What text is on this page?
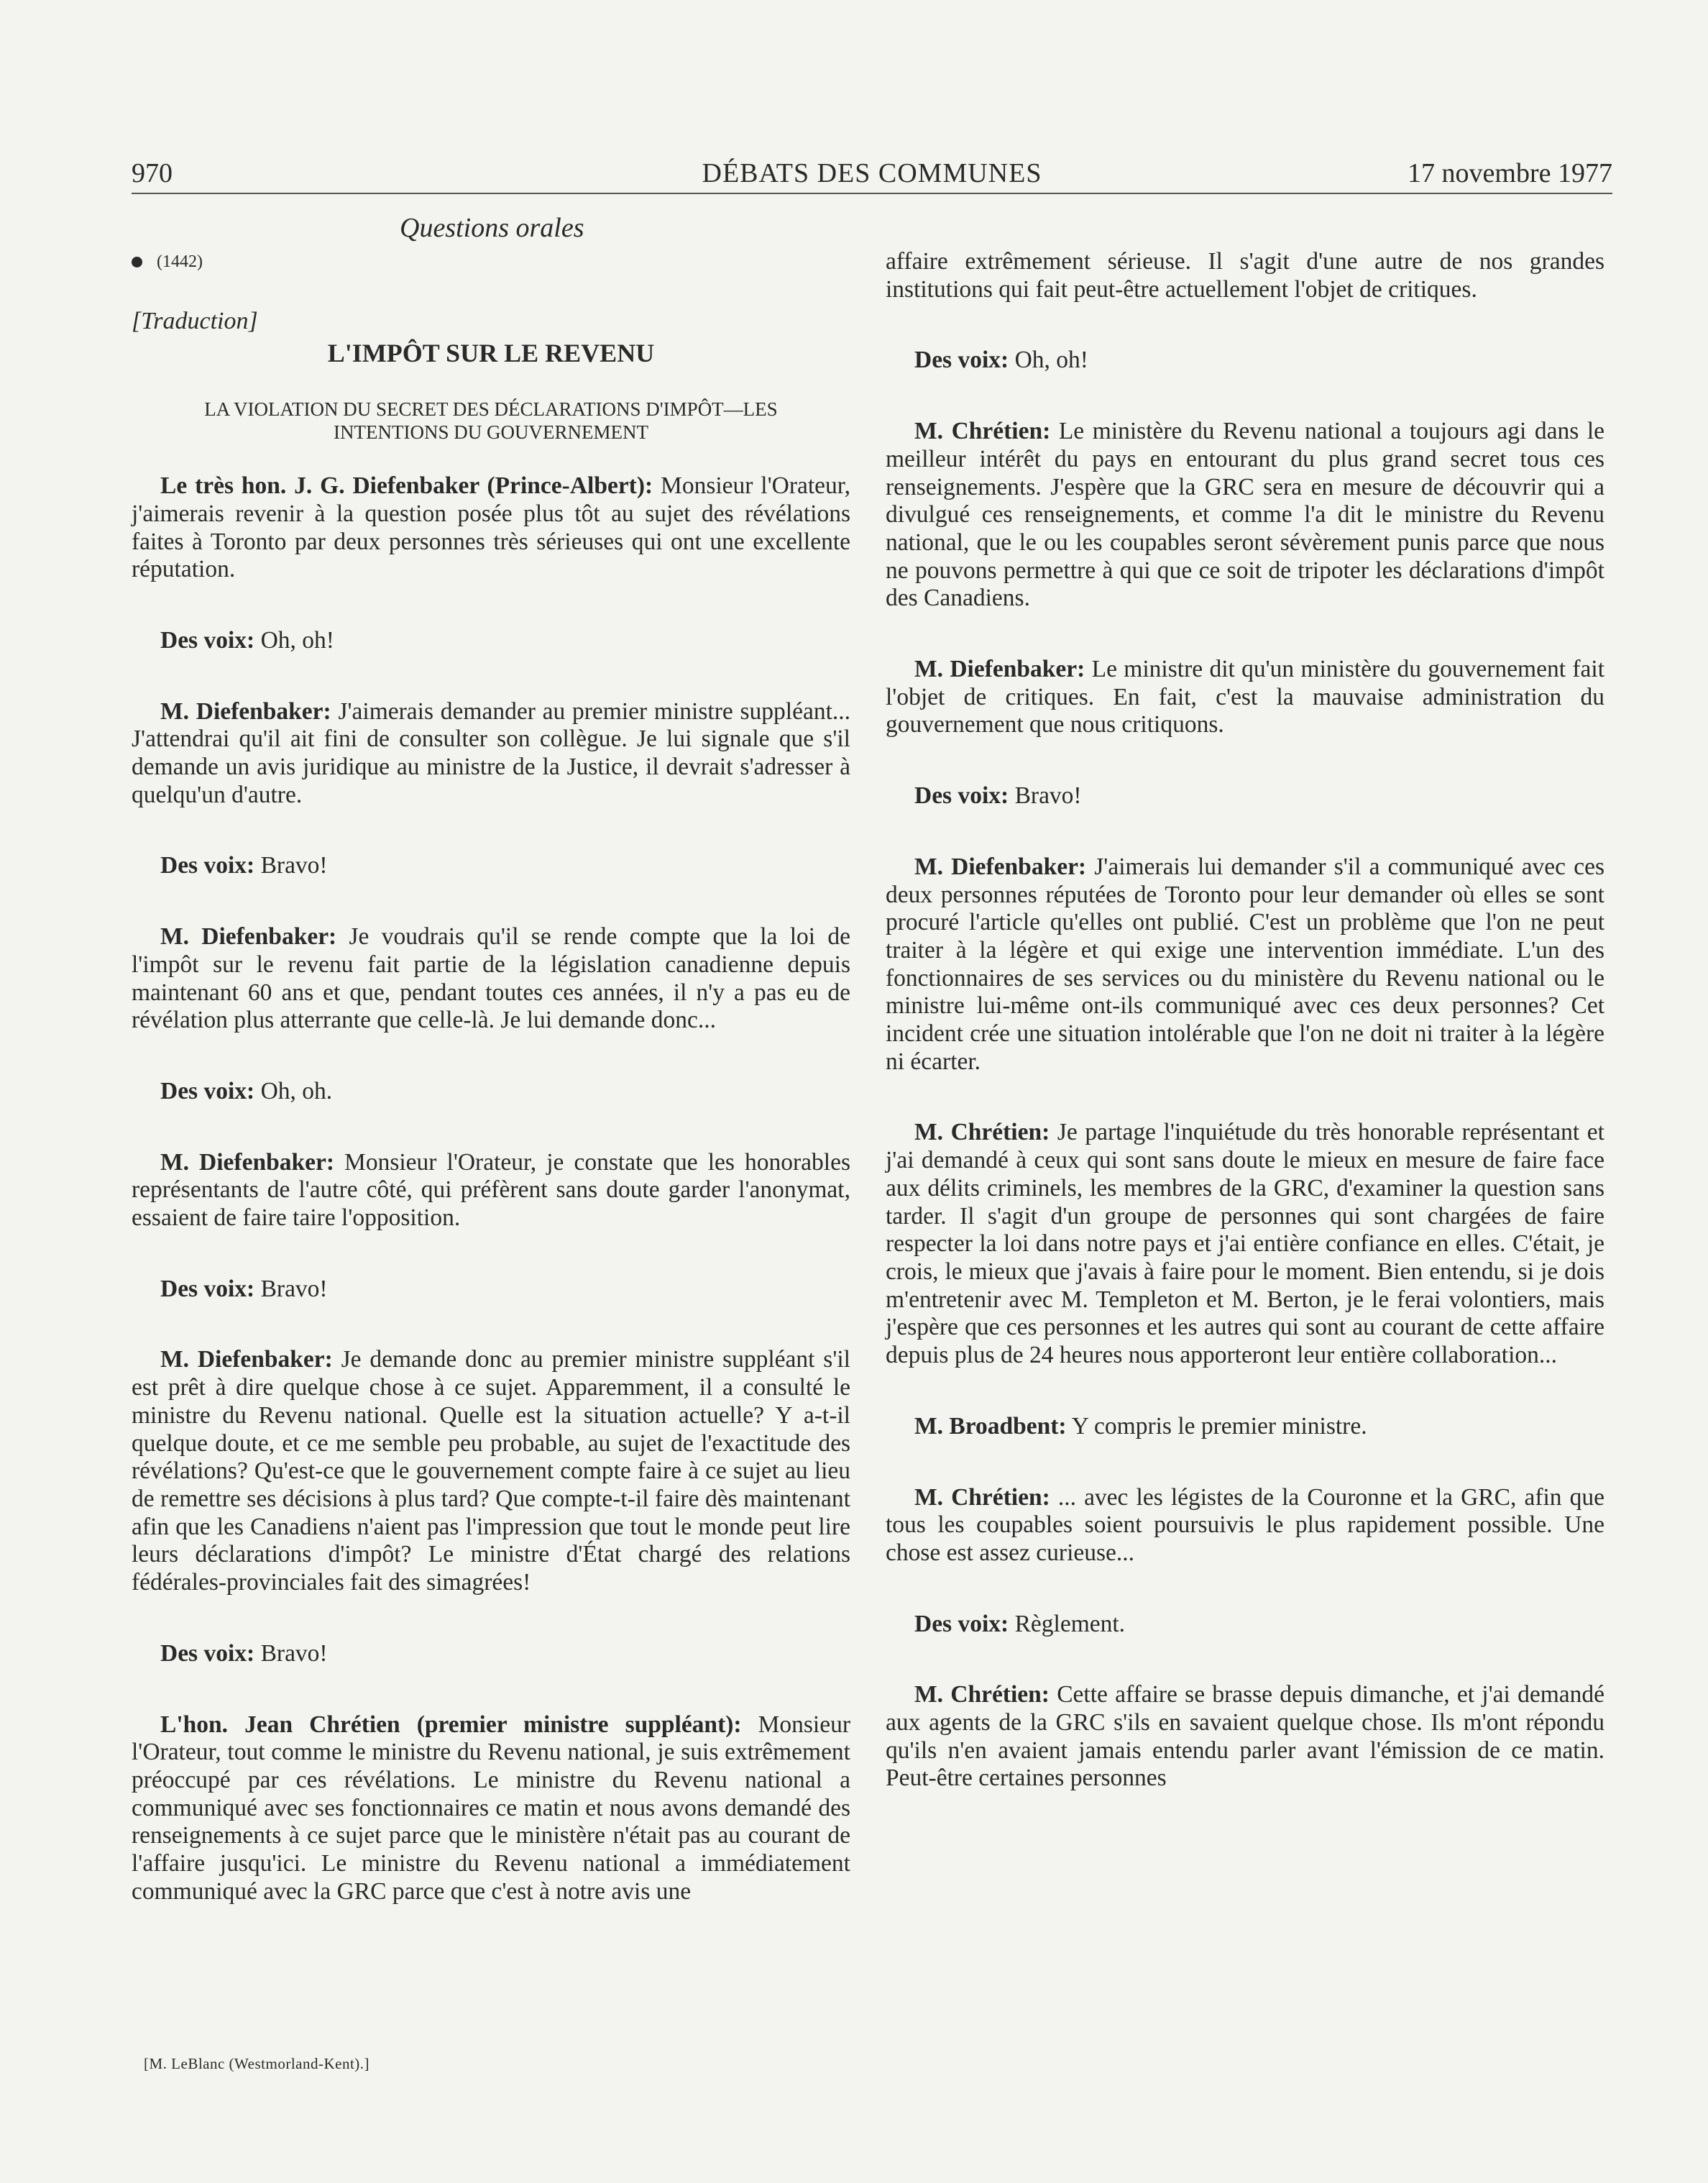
970	DÉBATS DES COMMUNES	17 novembre 1977
Questions orales
(1442)
[Traduction]
L'IMPÔT SUR LE REVENU
LA VIOLATION DU SECRET DES DÉCLARATIONS D'IMPÔT—LES
INTENTIONS DU GOUVERNEMENT

Le très hon. J. G. Diefenbaker (Prince-Albert): Monsieur l'Orateur, j'aimerais revenir à la question posée plus tôt au sujet des révélations faites à Toronto par deux personnes très sérieuses qui ont une excellente réputation.

Des voix: Oh, oh!

M. Diefenbaker: J'aimerais demander au premier ministre suppléant... J'attendrai qu'il ait fini de consulter son collègue. Je lui signale que s'il demande un avis juridique au ministre de la Justice, il devrait s'adresser à quelqu'un d'autre.

Des voix: Bravo!

M. Diefenbaker: Je voudrais qu'il se rende compte que la loi de l'impôt sur le revenu fait partie de la législation canadienne depuis maintenant 60 ans et que, pendant toutes ces années, il n'y a pas eu de révélation plus atterrante que celle-là. Je lui demande donc...

Des voix: Oh, oh.

M. Diefenbaker: Monsieur l'Orateur, je constate que les honorables représentants de l'autre côté, qui préfèrent sans doute garder l'anonymat, essaient de faire taire l'opposition.

Des voix: Bravo!

M. Diefenbaker: Je demande donc au premier ministre suppléant s'il est prêt à dire quelque chose à ce sujet. Apparemment, il a consulté le ministre du Revenu national. Quelle est la situation actuelle? Y a-t-il quelque doute, et ce me semble peu probable, au sujet de l'exactitude des révélations? Qu'est-ce que le gouvernement compte faire à ce sujet au lieu de remettre ses décisions à plus tard? Que compte-t-il faire dès maintenant afin que les Canadiens n'aient pas l'impression que tout le monde peut lire leurs déclarations d'impôt? Le ministre d'État chargé des relations fédérales-provinciales fait des simagrées!

Des voix: Bravo!

L'hon. Jean Chrétien (premier ministre suppléant): Monsieur l'Orateur, tout comme le ministre du Revenu national, je suis extrêmement préoccupé par ces révélations. Le ministre du Revenu national a communiqué avec ses fonctionnaires ce matin et nous avons demandé des renseignements à ce sujet parce que le ministère n'était pas au courant de l'affaire jusqu'ici. Le ministre du Revenu national a immédiatement communiqué avec la GRC parce que c'est à notre avis une

[M. LeBlanc (Westmorland-Kent).]

affaire extrêmement sérieuse. Il s'agit d'une autre de nos grandes institutions qui fait peut-être actuellement l'objet de critiques.

Des voix: Oh, oh!

M. Chrétien: Le ministère du Revenu national a toujours agi dans le meilleur intérêt du pays en entourant du plus grand secret tous ces renseignements. J'espère que la GRC sera en mesure de découvrir qui a divulgué ces renseignements, et comme l'a dit le ministre du Revenu national, que le ou les coupables seront sévèrement punis parce que nous ne pouvons permettre à qui que ce soit de tripoter les déclarations d'impôt des Canadiens.

M. Diefenbaker: Le ministre dit qu'un ministère du gouvernement fait l'objet de critiques. En fait, c'est la mauvaise administration du gouvernement que nous critiquons.

Des voix: Bravo!

M. Diefenbaker: J'aimerais lui demander s'il a communiqué avec ces deux personnes réputées de Toronto pour leur demander où elles se sont procuré l'article qu'elles ont publié. C'est un problème que l'on ne peut traiter à la légère et qui exige une intervention immédiate. L'un des fonctionnaires de ses services ou du ministère du Revenu national ou le ministre lui-même ont-ils communiqué avec ces deux personnes? Cet incident crée une situation intolérable que l'on ne doit ni traiter à la légère ni écarter.

M. Chrétien: Je partage l'inquiétude du très honorable représentant et j'ai demandé à ceux qui sont sans doute le mieux en mesure de faire face aux délits criminels, les membres de la GRC, d'examiner la question sans tarder. Il s'agit d'un groupe de personnes qui sont chargées de faire respecter la loi dans notre pays et j'ai entière confiance en elles. C'était, je crois, le mieux que j'avais à faire pour le moment. Bien entendu, si je dois m'entretenir avec M. Templeton et M. Berton, je le ferai volontiers, mais j'espère que ces personnes et les autres qui sont au courant de cette affaire depuis plus de 24 heures nous apporteront leur entière collaboration...

M. Broadbent: Y compris le premier ministre.

M. Chrétien: ... avec les légistes de la Couronne et la GRC, afin que tous les coupables soient poursuivis le plus rapidement possible. Une chose est assez curieuse...

Des voix: Règlement.

M. Chrétien: Cette affaire se brasse depuis dimanche, et j'ai demandé aux agents de la GRC s'ils en savaient quelque chose. Ils m'ont répondu qu'ils n'en avaient jamais entendu parler avant l'émission de ce matin. Peut-être certaines personnes
